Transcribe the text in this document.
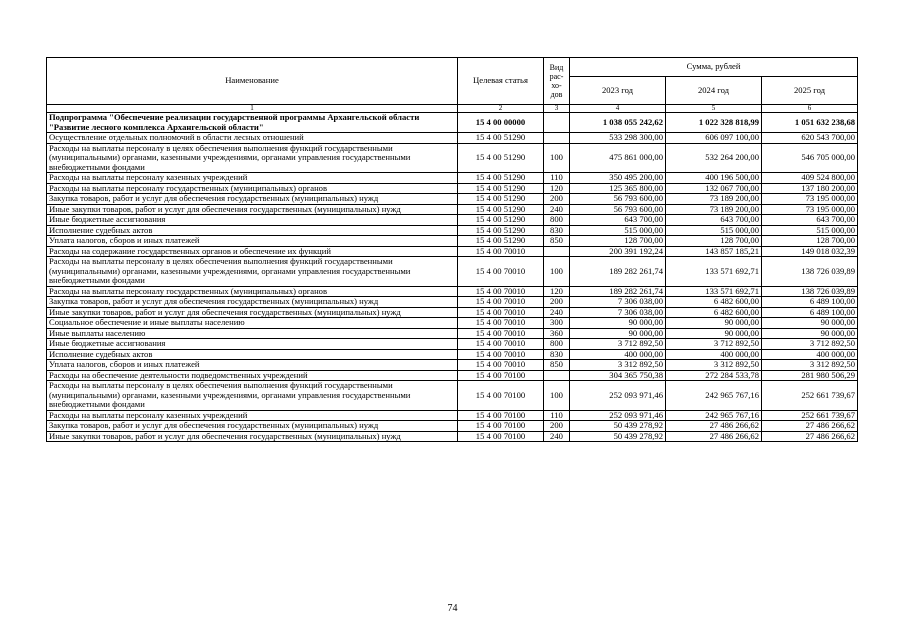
Наименование	Целевая статья	Вид рас- хо- дов	Сумма, рублей		
			2023 год	2024 год	2025 год
1	2	3	4	5	6
Подпрограмма "Обеспечение реализации государственной программы Архангельской области "Развитие лесного комплекса Архангельской области"	15 4 00 00000		1 038 055 242,62	1 022 328 818,99	1 051 632 238,68
Осуществление отдельных полномочий в области лесных отношений	15 4 00 51290		533 298 300,00	606 097 100,00	620 543 700,00
Расходы на выплаты персоналу в целях обеспечения выполнения функций государственными (муниципальными) органами, казенными учреждениями, органами управления государственными внебюджетными фондами	15 4 00 51290	100	475 861 000,00	532 264 200,00	546 705 000,00
Расходы на выплаты персоналу казенных учреждений	15 4 00 51290	110	350 495 200,00	400 196 500,00	409 524 800,00
Расходы на выплаты персоналу государственных (муниципальных) органов	15 4 00 51290	120	125 365 800,00	132 067 700,00	137 180 200,00
Закупка товаров, работ и услуг для обеспечения государственных (муниципальных) нужд	15 4 00 51290	200	56 793 600,00	73 189 200,00	73 195 000,00
Иные закупки товаров, работ и услуг для обеспечения государственных (муниципальных) нужд	15 4 00 51290	240	56 793 600,00	73 189 200,00	73 195 000,00
Иные бюджетные ассигнования	15 4 00 51290	800	643 700,00	643 700,00	643 700,00
Исполнение судебных актов	15 4 00 51290	830	515 000,00	515 000,00	515 000,00
Уплата налогов, сборов и иных платежей	15 4 00 51290	850	128 700,00	128 700,00	128 700,00
Расходы на содержание государственных органов и обеспечение их функций	15 4 00 70010		200 391 192,24	143 857 185,21	149 018 032,39
Расходы на выплаты персоналу в целях обеспечения выполнения функций государственными (муниципальными) органами, казенными учреждениями, органами управления государственными внебюджетными фондами	15 4 00 70010	100	189 282 261,74	133 571 692,71	138 726 039,89
Расходы на выплаты персоналу государственных (муниципальных) органов	15 4 00 70010	120	189 282 261,74	133 571 692,71	138 726 039,89
Закупка товаров, работ и услуг для обеспечения государственных (муниципальных) нужд	15 4 00 70010	200	7 306 038,00	6 482 600,00	6 489 100,00
Иные закупки товаров, работ и услуг для обеспечения государственных (муниципальных) нужд	15 4 00 70010	240	7 306 038,00	6 482 600,00	6 489 100,00
Социальное обеспечение и иные выплаты населению	15 4 00 70010	300	90 000,00	90 000,00	90 000,00
Иные выплаты населению	15 4 00 70010	360	90 000,00	90 000,00	90 000,00
Иные бюджетные ассигнования	15 4 00 70010	800	3 712 892,50	3 712 892,50	3 712 892,50
Исполнение судебных актов	15 4 00 70010	830	400 000,00	400 000,00	400 000,00
Уплата налогов, сборов и иных платежей	15 4 00 70010	850	3 312 892,50	3 312 892,50	3 312 892,50
Расходы на обеспечение деятельности подведомственных учреждений	15 4 00 70100		304 365 750,38	272 284 533,78	281 980 506,29
Расходы на выплаты персоналу в целях обеспечения выполнения функций государственными (муниципальными) органами, казенными учреждениями, органами управления государственными внебюджетными фондами	15 4 00 70100	100	252 093 971,46	242 965 767,16	252 661 739,67
Расходы на выплаты персоналу казенных учреждений	15 4 00 70100	110	252 093 971,46	242 965 767,16	252 661 739,67
Закупка товаров, работ и услуг для обеспечения государственных (муниципальных) нужд	15 4 00 70100	200	50 439 278,92	27 486 266,62	27 486 266,62
Иные закупки товаров, работ и услуг для обеспечения государственных (муниципальных) нужд	15 4 00 70100	240	50 439 278,92	27 486 266,62	27 486 266,62
74
